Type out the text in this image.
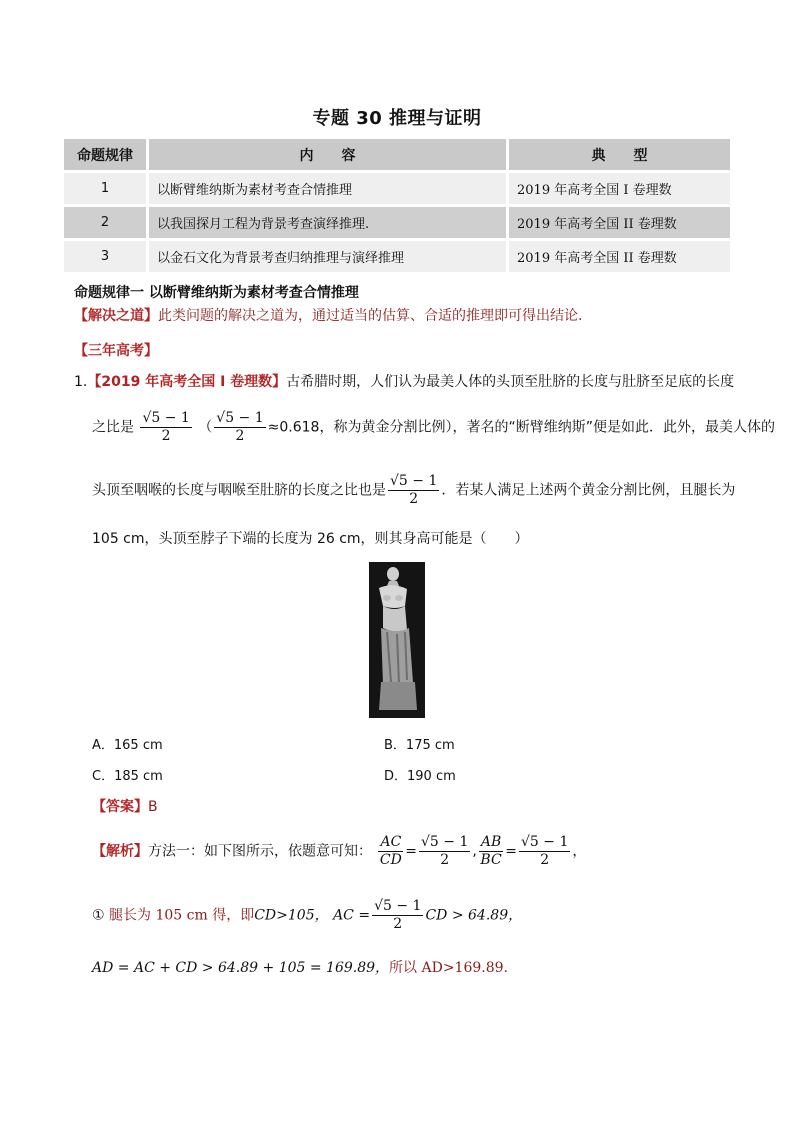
专题 30 推理与证明
命题规律	内　　容	典　　型
1	以断臂维纳斯为素材考查合情推理	2019 年高考全国 I 卷理数
2	以我国探月工程为背景考查演绎推理.	2019 年高考全国 II 卷理数
3	以金石文化为背景考查归纳推理与演绎推理	2019 年高考全国 II 卷理数
命题规律一 以断臂维纳斯为素材考查合情推理
【解决之道】此类问题的解决之道为，通过适当的估算、合适的推理即可得出结论.
【三年高考】
1.【2019 年高考全国 I 卷理数】古希腊时期，人们认为最美人体的头顶至肚脐的长度与肚脐至足底的长度
之比是 $\frac{√5 - 1}{2}$ （ $\frac{√5 - 1}{2} \approx 0.618$，称为黄金分割比例），著名的“断臂维纳斯”便是如此．此外，最美人体的
头顶至咽喉的长度与咽喉至肚脐的长度之比也是 $\frac{√5 - 1}{2}$ ．若某人满足上述两个黄金分割比例，且腿长为
105 cm，头顶至脖子下端的长度为 26 cm，则其身高可能是（　　）
A．165 cm	B．175 cm
C．185 cm	D．190 cm
【答案】B
【解析】方法一：如下图所示，依题意可知： $\frac{AC}{CD} = \frac{√5 - 1}{2}$ , $\frac{AB}{BC} = \frac{√5 - 1}{2}$ ，
① 腿长为 105 cm 得，即CD>105， AC = $\frac{√5 - 1}{2}$ CD > 64.89，
AD = AC + CD > 64.89 + 105 = 169.89，所以 AD>169.89.
